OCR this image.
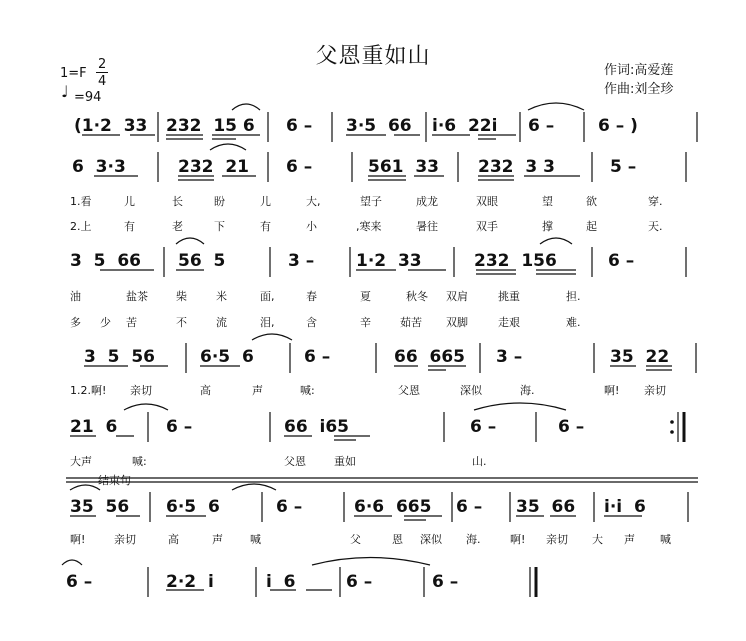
1=F
2
4
♩ =94
父恩重如山
作词:高爱莲
作曲:刘全珍
(1·2  33 232  15 6 6 – 3·5  66 i·6  22i 6 –	6 – )
6  3·3	232  21 6 –	561  33 232  3 3	5 –
3  5  66 56  5	3 – 1·2  33	232  156	6 –
3  5  56	6·5  6	6 –	66  665 3 –	35  22
21  6	6 –	66  i65	6 –	6 –
35  56 6·5  6	6 –	6·6  665 6 – 35  66 i·i  6
6 –	2·2  i	i  6	6 –	6 –
1.看	儿	长	盼	儿	大,	望子	成龙	双眼	望	欲	穿.
2.上	有	老	下	有	小	,寒来	暑往	双手	撑	起	天.
油	盐茶	柴	米	面,	春	夏	秋冬 双肩	挑重	担.
多 少 苦	不	流	泪,	含	辛	茹苦 双脚	走艰	难.
1.2.啊! 亲切	高	声	喊:	父恩	深似	海.	啊! 亲切
大声	喊:	父恩	重如	山.
啊!	亲切	高	声 喊	父	恩 深似 海.	啊! 亲切 大 声 喊
结束句
